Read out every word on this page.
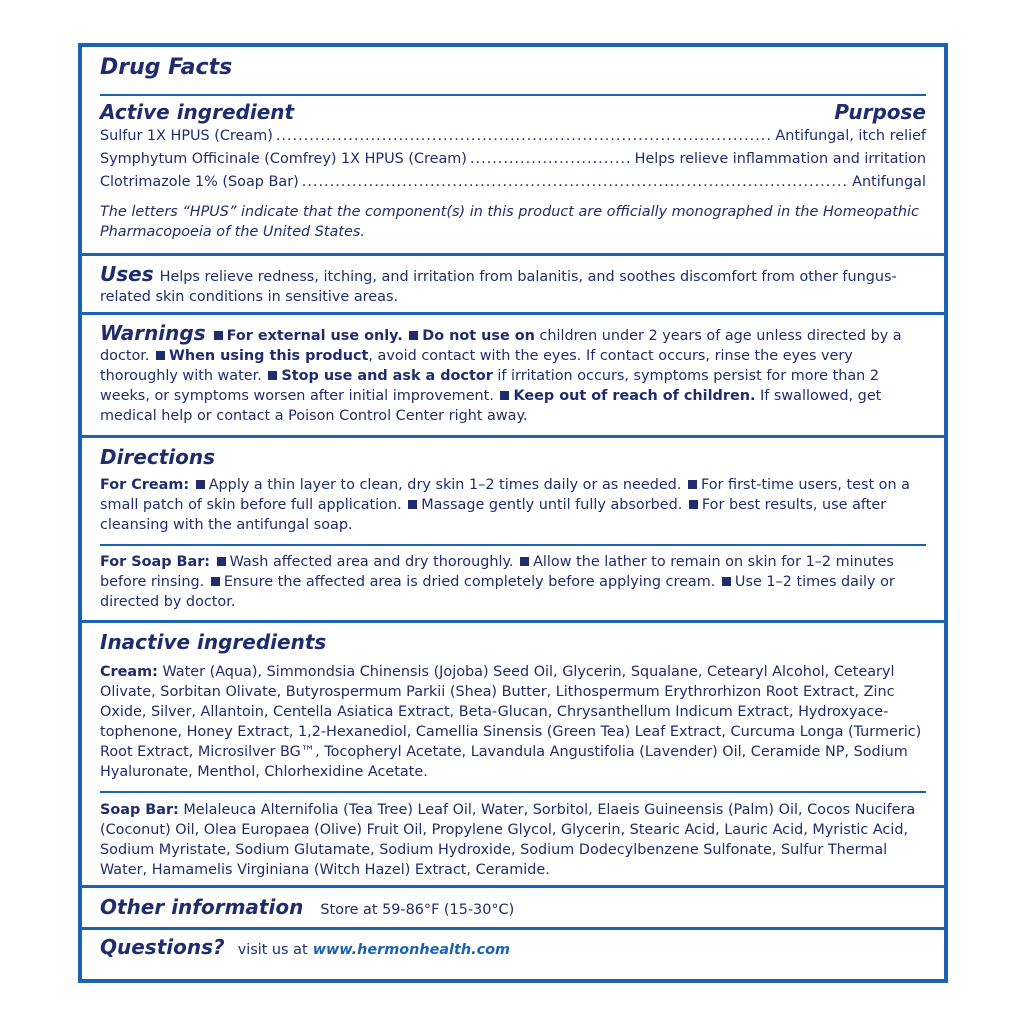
Drug Facts
Active ingredient	Purpose
Sulfur 1X HPUS (Cream) .....	Antifungal, itch relief
Symphytum Officinale (Comfrey) 1X HPUS (Cream) .....	Helps relieve inflammation and irritation
Clotrimazole 1% (Soap Bar) .....	Antifungal
The letters “HPUS” indicate that the component(s) in this product are officially monographed in the Homeopathic Pharmacopoeia of the United States.
Uses Helps relieve redness, itching, and irritation from balanitis, and soothes discomfort from other fungus-related skin conditions in sensitive areas.
Warnings For external use only. Do not use on children under 2 years of age unless directed by a doctor. When using this product, avoid contact with the eyes. If contact occurs, rinse the eyes very thoroughly with water. Stop use and ask a doctor if irritation occurs, symptoms persist for more than 2 weeks, or symptoms worsen after initial improvement. Keep out of reach of children. If swallowed, get medical help or contact a Poison Control Center right away.
Directions
For Cream: Apply a thin layer to clean, dry skin 1–2 times daily or as needed. For first-time users, test on a small patch of skin before full application. Massage gently until fully absorbed. For best results, use after cleansing with the antifungal soap.
For Soap Bar: Wash affected area and dry thoroughly. Allow the lather to remain on skin for 1–2 minutes before rinsing. Ensure the affected area is dried completely before applying cream. Use 1–2 times daily or directed by doctor.
Inactive ingredients
Cream: Water (Aqua), Simmondsia Chinensis (Jojoba) Seed Oil, Glycerin, Squalane, Cetearyl Alcohol, Cetearyl Olivate, Sorbitan Olivate, Butyrospermum Parkii (Shea) Butter, Lithospermum Erythrorhizon Root Extract, Zinc Oxide, Silver, Allantoin, Centella Asiatica Extract, Beta-Glucan, Chrysanthellum Indicum Extract, Hydroxyace-tophenone, Honey Extract, 1,2-Hexanediol, Camellia Sinensis (Green Tea) Leaf Extract, Curcuma Longa (Turmeric) Root Extract, Microsilver BG™, Tocopheryl Acetate, Lavandula Angustifolia (Lavender) Oil, Ceramide NP, Sodium Hyaluronate, Menthol, Chlorhexidine Acetate.
Soap Bar: Melaleuca Alternifolia (Tea Tree) Leaf Oil, Water, Sorbitol, Elaeis Guineensis (Palm) Oil, Cocos Nucifera (Coconut) Oil, Olea Europaea (Olive) Fruit Oil, Propylene Glycol, Glycerin, Stearic Acid, Lauric Acid, Myristic Acid, Sodium Myristate, Sodium Glutamate, Sodium Hydroxide, Sodium Dodecylbenzene Sulfonate, Sulfur Thermal Water, Hamamelis Virginiana (Witch Hazel) Extract, Ceramide.
Other information Store at 59-86°F (15-30°C)
Questions? visit us at www.hermonhealth.com
